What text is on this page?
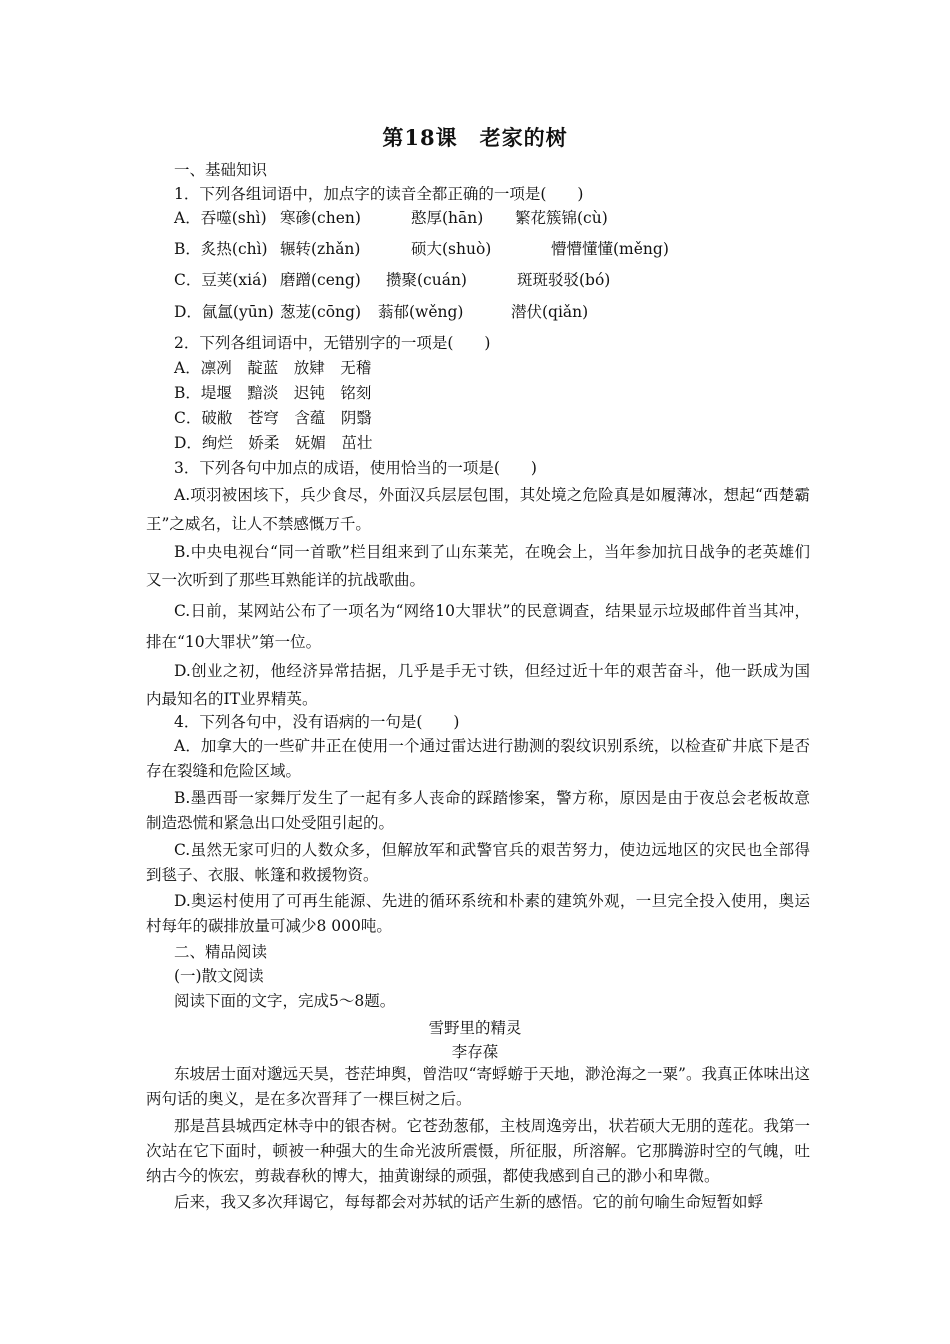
第18课　老家的树
一、基础知识
1．下列各组词语中，加点字的读音全都正确的一项是(　　)
A．吞噬(shì) 寒碜(chen)	憨厚(hān) 繁花簇锦(cù)
B．炙热(chì) 辗转(zhǎn)	硕大(shuò)	懵懵懂懂(měng)
C．豆荚(xiá) 磨蹭(ceng) 攒聚(cuán)	斑斑驳驳(bó)
D．氤氲(yūn) 葱茏(cōng) 蓊郁(wěng)	潜伏(qiǎn)
2．下列各组词语中，无错别字的一项是(　　)
A．凛冽　靛蓝　放肄　无稽
B．堤堰　黯淡　迟钝　铭刻
C．破敝　苍穹　含蕴　阴翳
D．绚烂　娇柔　妩媚　茁壮
3．下列各句中加点的成语，使用恰当的一项是(　　)
A.项羽被困垓下，兵少食尽，外面汉兵层层包围，其处境之危险真是如履薄冰，想起“西楚霸王”之威名，让人不禁感慨万千。
B.中央电视台“同一首歌”栏目组来到了山东莱芜，在晚会上，当年参加抗日战争的老英雄们又一次听到了那些耳熟能详的抗战歌曲。
C.日前，某网站公布了一项名为“网络10大罪状”的民意调查，结果显示垃圾邮件首当其冲，排在“10大罪状”第一位。
D.创业之初，他经济异常拮据，几乎是手无寸铁，但经过近十年的艰苦奋斗，他一跃成为国内最知名的IT业界精英。
4．下列各句中，没有语病的一句是(　　)
A．加拿大的一些矿井正在使用一个通过雷达进行勘测的裂纹识别系统，以检查矿井底下是否存在裂缝和危险区域。
B.墨西哥一家舞厅发生了一起有多人丧命的踩踏惨案，警方称，原因是由于夜总会老板故意制造恐慌和紧急出口处受阻引起的。
C.虽然无家可归的人数众多，但解放军和武警官兵的艰苦努力，使边远地区的灾民也全部得到毯子、衣服、帐篷和救援物资。
D.奥运村使用了可再生能源、先进的循环系统和朴素的建筑外观，一旦完全投入使用，奥运村每年的碳排放量可减少8 000吨。
二、精品阅读
(一)散文阅读
阅读下面的文字，完成5～8题。
雪野里的精灵
李存葆
东坡居士面对邈远天昊，苍茫坤舆，曾浩叹“寄蜉蝣于天地，渺沧海之一粟”。我真正体味出这两句话的奥义，是在多次晋拜了一棵巨树之后。
那是莒县城西定林寺中的银杏树。它苍劲葱郁，主枝周逸旁出，状若硕大无朋的莲花。我第一次站在它下面时，顿被一种强大的生命光波所震慑，所征服，所溶解。它那腾游时空的气魄，吐纳古今的恢宏，剪裁春秋的博大，抽黄谢绿的顽强，都使我感到自己的渺小和卑微。
后来，我又多次拜谒它，每每都会对苏轼的话产生新的感悟。它的前句喻生命短暂如蜉
